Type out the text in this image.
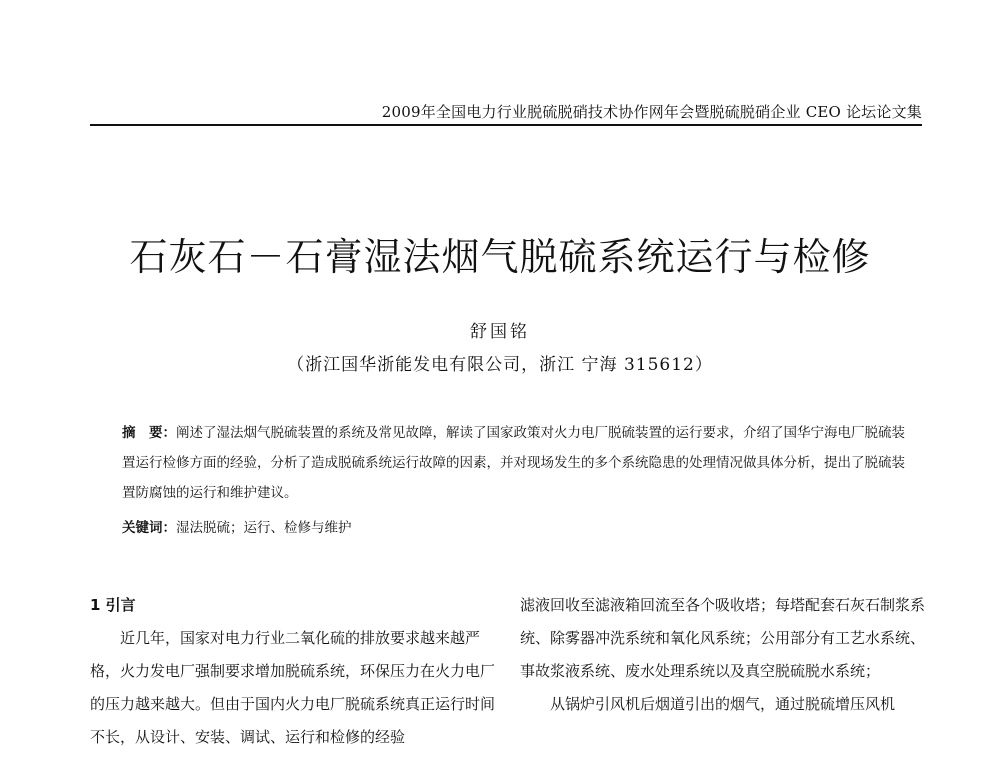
2009年全国电力行业脱硫脱硝技术协作网年会暨脱硫脱硝企业 CEO 论坛论文集
石灰石－石膏湿法烟气脱硫系统运行与检修
舒国铭
（浙江国华浙能发电有限公司，浙江 宁海 315612）
摘　要：阐述了湿法烟气脱硫装置的系统及常见故障，解读了国家政策对火力电厂脱硫装置的运行要求，介绍了国华宁海电厂脱硫装置运行检修方面的经验，分析了造成脱硫系统运行故障的因素，并对现场发生的多个系统隐患的处理情况做具体分析，提出了脱硫装置防腐蚀的运行和维护建议。
关键词：湿法脱硫；运行、检修与维护
1 引言

近几年，国家对电力行业二氧化硫的排放要求越来越严格，火力发电厂强制要求增加脱硫系统，环保压力在火力电厂的压力越来越大。但由于国内火力电厂脱硫系统真正运行时间不长，从设计、安装、调试、运行和检修的经验

滤液回收至滤液箱回流至各个吸收塔；每塔配套石灰石制浆系统、除雾器冲洗系统和氧化风系统；公用部分有工艺水系统、事故浆液系统、废水处理系统以及真空脱硫脱水系统；

从锅炉引风机后烟道引出的烟气，通过脱硫增压风机
